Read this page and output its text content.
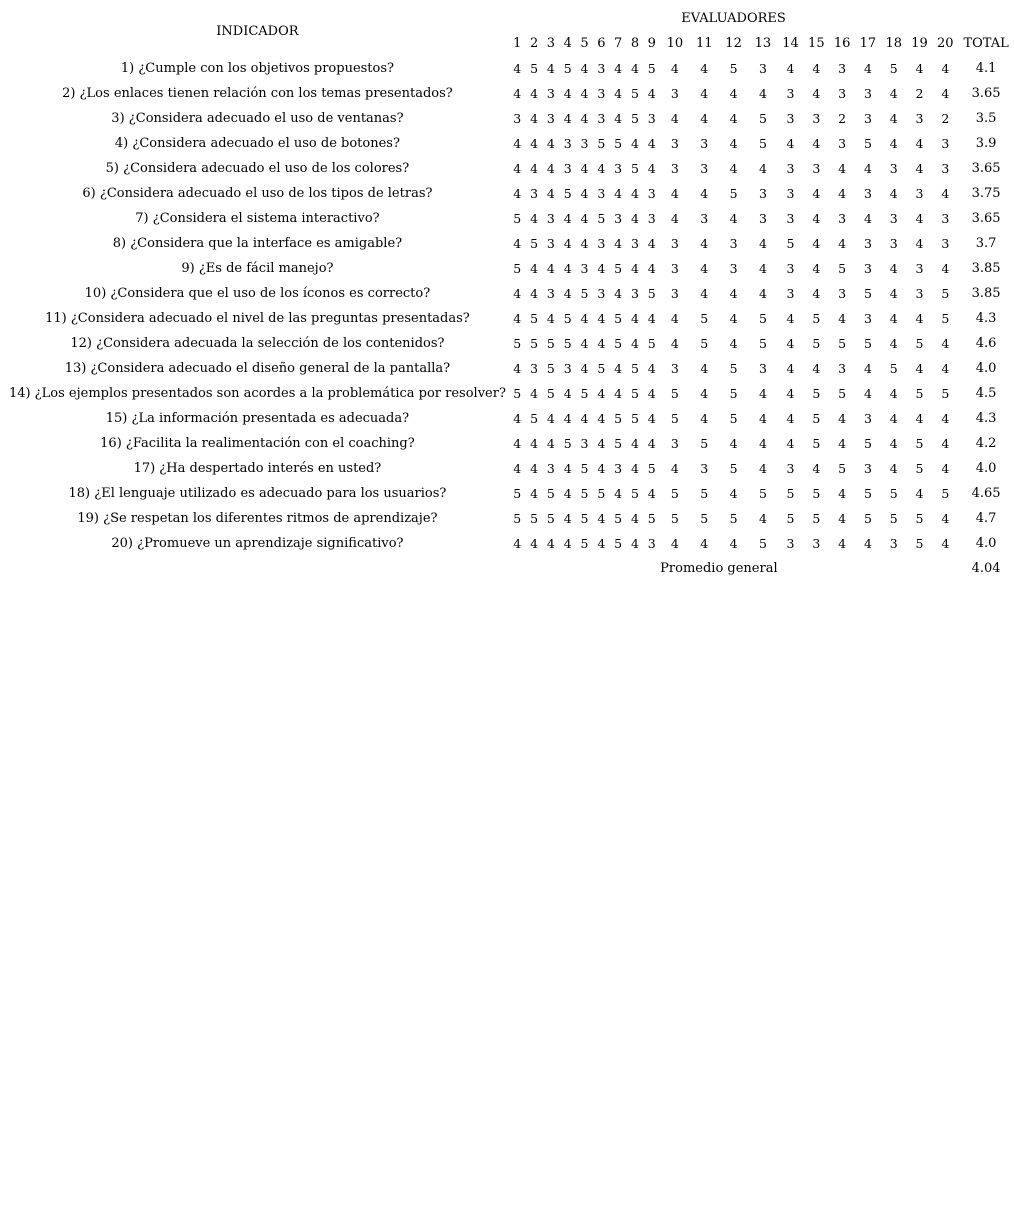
INDICADOR	EVALUADORES																				
	1	2	3	4	5	6	7	8	9	10	11	12	13	14	15	16	17	18	19	20	TOTAL
1) ¿Cumple con los objetivos propuestos?	4	5	4	5	4	3	4	4	5	4	4	5	3	4	4	3	4	5	4	4	4.1
2) ¿Los enlaces tienen relación con los temas presentados?	4	4	3	4	4	3	4	5	4	3	4	4	4	3	4	3	3	4	2	4	3.65
3) ¿Considera adecuado el uso de ventanas?	3	4	3	4	4	3	4	5	3	4	4	4	5	3	3	2	3	4	3	2	3.5
4) ¿Considera adecuado el uso de botones?	4	4	4	3	3	5	5	4	4	3	3	4	5	4	4	3	5	4	4	3	3.9
5) ¿Considera adecuado el uso de los colores?	4	4	4	3	4	4	3	5	4	3	3	4	4	3	3	4	4	3	4	3	3.65
6) ¿Considera adecuado el uso de los tipos de letras?	4	3	4	5	4	3	4	4	3	4	4	5	3	3	4	4	3	4	3	4	3.75
7) ¿Considera el sistema interactivo?	5	4	3	4	4	5	3	4	3	4	3	4	3	3	4	3	4	3	4	3	3.65
8) ¿Considera que la interface es amigable?	4	5	3	4	4	3	4	3	4	3	4	3	4	5	4	4	3	3	4	3	3.7
9) ¿Es de fácil manejo?	5	4	4	4	3	4	5	4	4	3	4	3	4	3	4	5	3	4	3	4	3.85
10) ¿Considera que el uso de los íconos es correcto?	4	4	3	4	5	3	4	3	5	3	4	4	4	3	4	3	5	4	3	5	3.85
11) ¿Considera adecuado el nivel de las preguntas presentadas?	4	5	4	5	4	4	5	4	4	4	5	4	5	4	5	4	3	4	4	5	4.3
12) ¿Considera adecuada la selección de los contenidos?	5	5	5	5	4	4	5	4	5	4	5	4	5	4	5	5	5	4	5	4	4.6
13) ¿Considera adecuado el diseño general de la pantalla?	4	3	5	3	4	5	4	5	4	3	4	5	3	4	4	3	4	5	4	4	4.0
14) ¿Los ejemplos presentados son acordes a la problemática por resolver?	5	4	5	4	5	4	4	5	4	5	4	5	4	4	5	5	4	4	5	5	4.5
15) ¿La información presentada es adecuada?	4	5	4	4	4	4	5	5	4	5	4	5	4	4	5	4	3	4	4	4	4.3
16) ¿Facilita la realimentación con el coaching?	4	4	4	5	3	4	5	4	4	3	5	4	4	4	5	4	5	4	5	4	4.2
17) ¿Ha despertado interés en usted?	4	4	3	4	5	4	3	4	5	4	3	5	4	3	4	5	3	4	5	4	4.0
18) ¿El lenguaje utilizado es adecuado para los usuarios?	5	4	5	4	5	5	4	5	4	5	5	4	5	5	5	4	5	5	4	5	4.65
19) ¿Se respetan los diferentes ritmos de aprendizaje?	5	5	5	4	5	4	5	4	5	5	5	5	4	5	5	4	5	5	5	4	4.7
20) ¿Promueve un aprendizaje significativo?	4	4	4	4	5	4	5	4	3	4	4	4	5	3	3	4	4	3	5	4	4.0
										Promedio general											4.04
